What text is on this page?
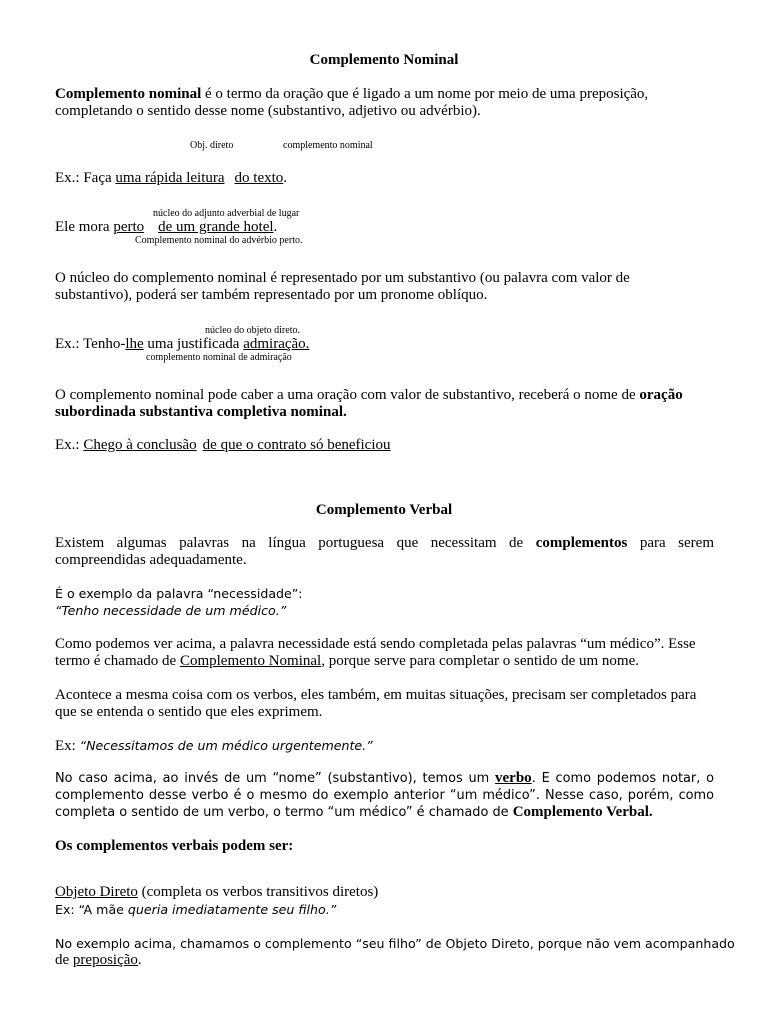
Complemento Nominal
Complemento nominal é o termo da oração que é ligado a um nome por meio de uma preposição,
completando o sentido desse nome (substantivo, adjetivo ou advérbio).
Obj. direto	complemento nominal
Ex.: Faça uma rápida leitura do texto.
núcleo do adjunto adverbial de lugar
Ele mora perto de um grande hotel.
Complemento nominal do advérbio perto.
O núcleo do complemento nominal é representado por um substantivo (ou palavra com valor de
substantivo), poderá ser também representado por um pronome oblíquo.
núcleo do objeto direto.
Ex.: Tenho-lhe uma justificada admiração.
complemento nominal de admiração
O complemento nominal pode caber a uma oração com valor de substantivo, receberá o nome de oração
subordinada substantiva completiva nominal.
Ex.: Chego à conclusão de que o contrato só beneficiou
Complemento Verbal
Existem algumas palavras na língua portuguesa que necessitam de complementos para serem
compreendidas adequadamente.
É o exemplo da palavra “necessidade”:
“Tenho necessidade de um médico.”
Como podemos ver acima, a palavra necessidade está sendo completada pelas palavras “um médico”. Esse
termo é chamado de Complemento Nominal, porque serve para completar o sentido de um nome.
Acontece a mesma coisa com os verbos, eles também, em muitas situações, precisam ser completados para
que se entenda o sentido que eles exprimem.
Ex: “Necessitamos de um médico urgentemente.”
No caso acima, ao invés de um “nome” (substantivo), temos um verbo. E como podemos notar, o
complemento desse verbo é o mesmo do exemplo anterior “um médico”. Nesse caso, porém, como
completa o sentido de um verbo, o termo “um médico” é chamado de Complemento Verbal.
Os complementos verbais podem ser:
Objeto Direto (completa os verbos transitivos diretos)
Ex: “A mãe queria imediatamente seu filho.”
No exemplo acima, chamamos o complemento “seu filho” de Objeto Direto, porque não vem acompanhado
de preposição.
